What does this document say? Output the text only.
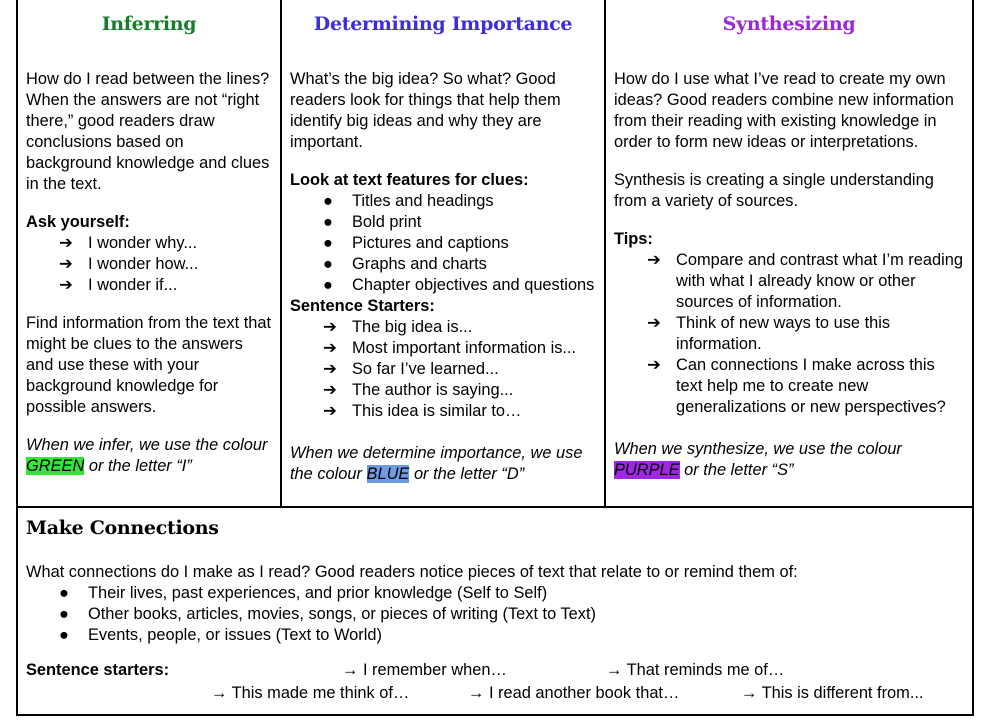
Inferring

How do I read between the lines? When the answers are not “right there,” good readers draw conclusions based on background knowledge and clues in the text.

Ask yourself:

➔ I wonder why...
➔ I wonder how...
➔ I wonder if...

Find information from the text that might be clues to the answers and use these with your background knowledge for possible answers.

When we infer, we use the colour GREEN or the letter “I”

Determining Importance

What’s the big idea? So what? Good readers look for things that help them identify big ideas and why they are important.

Look at text features for clues:

● Titles and headings
● Bold print
● Pictures and captions
● Graphs and charts
● Chapter objectives and questions

Sentence Starters:

➔ The big idea is...
➔ Most important information is...
➔ So far I’ve learned...
➔ The author is saying...
➔ This idea is similar to…

When we determine importance, we use the colour BLUE or the letter “D”

Synthesizing

How do I use what I’ve read to create my own ideas? Good readers combine new information from their reading with existing knowledge in order to form new ideas or interpretations.

Synthesis is creating a single understanding from a variety of sources.

Tips:

➔ Compare and contrast what I’m reading with what I already know or other sources of information.
➔ Think of new ways to use this information.
➔ Can connections I make across this text help me to create new generalizations or new perspectives?

When we synthesize, we use the colour PURPLE or the letter “S”

Make Connections

What connections do I make as I read? Good readers notice pieces of text that relate to or remind them of:

● Their lives, past experiences, and prior knowledge (Self to Self)
● Other books, articles, movies, songs, or pieces of writing (Text to Text)
● Events, people, or issues (Text to World)
Sentence starters:	→ I remember when…	→ That reminds me of…
→ This made me think of…	→ I read another book that…	→ This is different from...
